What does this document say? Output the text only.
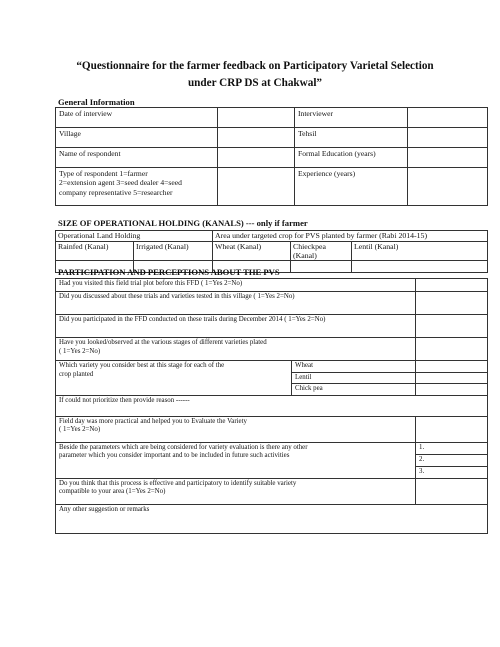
“Questionnaire for the farmer feedback on Participatory Varietal Selection
under CRP DS at Chakwal”
General Information
Date of interview		Interviewer	
Village		Tehsil	
Name of respondent		Formal Education (years)	

Type of respondent 1=farmer
2=extension agent 3=seed dealer 4=seed
company representative 5=researcher		Experience (years)	
SIZE OF OPERATIONAL HOLDING (KANALS) --- only if farmer
Operational Land Holding		Area under targeted crop for PVS planted by farmer (Rabi 2014-15)		
Rainfed (Kanal)	Irrigated (Kanal)	Wheat (Kanal)	Chieckpea (Kanal)	Lentil (Kanal)

PARTICIPATION AND PERCEPTIONS ABOUT THE PVS
Had you visited this field trial plot before this FFD ( 1=Yes 2=No)		
Did you discussed about these trials and varieties tested in this village ( 1=Yes 2=No)		
Did you participated in the FFD conducted on these trails during December 2014 ( 1=Yes 2=No)		

Have you looked/observed at the various stages of different varieties plated
( 1=Yes 2=No)		

Which variety you consider best at this stage for each of the
crop planted	Wheat	
	Lentil	
	Chick pea	
If could not prioritize then provide reason ------		

Field day was more practical and helped you to Evaluate the Variety
( 1=Yes 2=No)		

Beside the parameters which are being considered for variety evaluation is there any other
parameter which you consider important and to be included in future such activities		1.
		2.
		3.

Do you think that this process is effective and participatory to identify suitable variety
compatible to your area (1=Yes 2=No)		

Any other suggestion or remarks		
